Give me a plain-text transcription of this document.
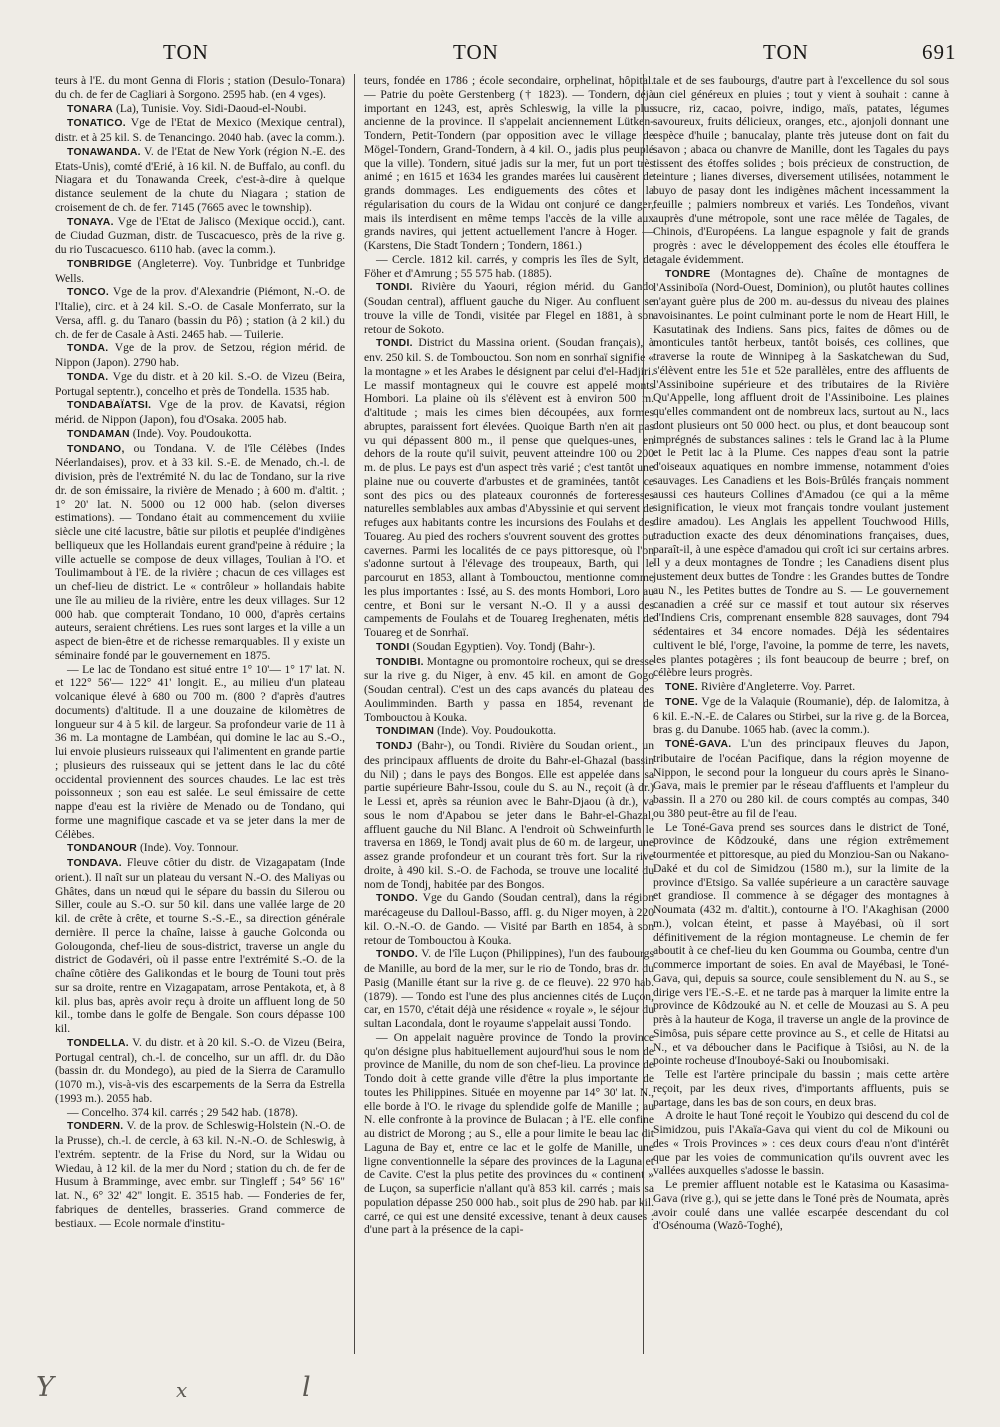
TON	TON	TON	691

teurs à l'E. du mont Genna di Floris ; station (Desulo-Tonara) du ch. de fer de Cagliari à Sorgono. 2595 hab. (en 4 vges).

TONARA (La), Tunisie. Voy. Sidi-Daoud-el-Noubi.

TONATICO. Vge de l'Etat de Mexico (Mexique central), distr. et à 25 kil. S. de Tenancingo. 2040 hab. (avec la comm.).

TONAWANDA. V. de l'Etat de New York (région N.-E. des Etats-Unis), comté d'Erié, à 16 kil. N. de Buffalo, au confl. du Niagara et du Tonawanda Creek, c'est-à-dire à quelque distance seulement de la chute du Niagara ; station de croisement de ch. de fer. 7145 (7665 avec le township).

TONAYA. Vge de l'Etat de Jalisco (Mexique occid.), cant. de Ciudad Guzman, distr. de Tuscacuesco, près de la rive g. du rio Tuscacuesco. 6110 hab. (avec la comm.).

TONBRIDGE (Angleterre). Voy. Tunbridge et Tunbridge Wells.

TONCO. Vge de la prov. d'Alexandrie (Piémont, N.-O. de l'Italie), circ. et à 24 kil. S.-O. de Casale Monferrato, sur la Versa, affl. g. du Tanaro (bassin du Pô) ; station (à 2 kil.) du ch. de fer de Casale à Asti. 2465 hab. — Tuilerie.

TONDA. Vge de la prov. de Setzou, région mérid. de Nippon (Japon). 2790 hab.

TONDA. Vge du distr. et à 20 kil. S.-O. de Vizeu (Beira, Portugal septentr.), concelho et près de Tondella. 1535 hab.

TONDABAÏATSI. Vge de la prov. de Kavatsi, région mérid. de Nippon (Japon), fou d'Osaka. 2005 hab.

TONDAMAN (Inde). Voy. Poudoukotta.

TONDANO, ou Tondana. V. de l'île Célèbes (Indes Néerlandaises), prov. et à 33 kil. S.-E. de Menado, ch.-l. de division, près de l'extrémité N. du lac de Tondano, sur la rive dr. de son émissaire, la rivière de Menado ; à 600 m. d'altit. ; 1° 20' lat. N. 5000 ou 12 000 hab. (selon diverses estimations). — Tondano était au commencement du xviiie siècle une cité lacustre, bâtie sur pilotis et peuplée d'indigènes belliqueux que les Hollandais eurent grand'peine à réduire ; la ville actuelle se compose de deux villages, Toulian à l'O. et Toulimambout à l'E. de la rivière ; chacun de ces villages est un chef-lieu de district. Le « contrôleur » hollandais habite une île au milieu de la rivière, entre les deux villages. Sur 12 000 hab. que compterait Tondano, 10 000, d'après certains auteurs, seraient chrétiens. Les rues sont larges et la ville a un aspect de bien-être et de richesse remarquables. Il y existe un séminaire fondé par le gouvernement en 1875.

— Le lac de Tondano est situé entre 1° 10'— 1° 17' lat. N. et 122° 56'— 122° 41' longit. E., au milieu d'un plateau volcanique élevé à 680 ou 700 m. (800 ? d'après d'autres documents) d'altitude. Il a une douzaine de kilomètres de longueur sur 4 à 5 kil. de largeur. Sa profondeur varie de 11 à 36 m. La montagne de Lambéan, qui domine le lac au S.-O., lui envoie plusieurs ruisseaux qui l'alimentent en grande partie ; plusieurs des ruisseaux qui se jettent dans le lac du côté occidental proviennent des sources chaudes. Le lac est très poissonneux ; son eau est salée. Le seul émissaire de cette nappe d'eau est la rivière de Menado ou de Tondano, qui forme une magnifique cascade et va se jeter dans la mer de Célèbes.

TONDANOUR (Inde). Voy. Tonnour.

TONDAVA. Fleuve côtier du distr. de Vizagapatam (Inde orient.). Il naît sur un plateau du versant N.-O. des Maliyas ou Ghâtes, dans un nœud qui le sépare du bassin du Silerou ou Siller, coule au S.-O. sur 50 kil. dans une vallée large de 20 kil. de crête à crête, et tourne S.-S.-E., sa direction générale dernière. Il perce la chaîne, laisse à gauche Golconda ou Golougonda, chef-lieu de sous-district, traverse un angle du district de Godavéri, où il passe entre l'extrémité S.-O. de la chaîne côtière des Galikondas et le bourg de Touni tout près sur sa droite, rentre en Vizagapatam, arrose Pentakota, et, à 8 kil. plus bas, après avoir reçu à droite un affluent long de 50 kil., tombe dans le golfe de Bengale. Son cours dépasse 100 kil.

TONDELLA. V. du distr. et à 20 kil. S.-O. de Vizeu (Beira, Portugal central), ch.-l. de concelho, sur un affl. dr. du Dão (bassin dr. du Mondego), au pied de la Sierra de Caramullo (1070 m.), vis-à-vis des escarpements de la Serra da Estrella (1993 m.). 2055 hab.

— Concelho. 374 kil. carrés ; 29 542 hab. (1878).

TONDERN. V. de la prov. de Schleswig-Holstein (N.-O. de la Prusse), ch.-l. de cercle, à 63 kil. N.-N.-O. de Schleswig, à l'extrém. septentr. de la Frise du Nord, sur la Widau ou Wiedau, à 12 kil. de la mer du Nord ; station du ch. de fer de Husum à Bramminge, avec embr. sur Tingleff ; 54° 56' 16" lat. N., 6° 32' 42" longit. E. 3515 hab. — Fonderies de fer, fabriques de dentelles, brasseries. Grand commerce de bestiaux. — Ecole normale d'institu-

teurs, fondée en 1786 ; école secondaire, orphelinat, hôpital. — Patrie du poète Gerstenberg († 1823). — Tondern, déjà important en 1243, est, après Schleswig, la ville la plus ancienne de la province. Il s'appelait anciennement Lütken-Tondern, Petit-Tondern (par opposition avec le village de Mögel-Tondern, Grand-Tondern, à 4 kil. O., jadis plus peuplé que la ville). Tondern, situé jadis sur la mer, fut un port très animé ; en 1615 et 1634 les grandes marées lui causèrent de grands dommages. Les endiguements des côtes et la régularisation du cours de la Widau ont conjuré ce danger, mais ils interdisent en même temps l'accès de la ville aux grands navires, qui jettent actuellement l'ancre à Hoger. — (Karstens, Die Stadt Tondern ; Tondern, 1861.)

— Cercle. 1812 kil. carrés, y compris les îles de Sylt, de Föher et d'Amrung ; 55 575 hab. (1885).

TONDI. Rivière du Yaouri, région mérid. du Gando (Soudan central), affluent gauche du Niger. Au confluent se trouve la ville de Tondi, visitée par Flegel en 1881, à son retour de Sokoto.

TONDI. District du Massina orient. (Soudan français), à env. 250 kil. S. de Tombouctou. Son nom en sonrhaï signifie « la montagne » et les Arabes le désignent par celui d'el-Hadjiri. Le massif montagneux qui le couvre est appelé monts Hombori. La plaine où ils s'élèvent est à environ 500 m. d'altitude ; mais les cimes bien découpées, aux formes abruptes, paraissent fort élevées. Quoique Barth n'en ait pas vu qui dépassent 800 m., il pense que quelques-unes, en dehors de la route qu'il suivit, peuvent atteindre 100 ou 200 m. de plus. Le pays est d'un aspect très varié ; c'est tantôt une plaine nue ou couverte d'arbustes et de graminées, tantôt ce sont des pics ou des plateaux couronnés de forteresses naturelles semblables aux ambas d'Abyssinie et qui servent de refuges aux habitants contre les incursions des Foulahs et des Touareg. Au pied des rochers s'ouvrent souvent des grottes ou cavernes. Parmi les localités de ce pays pittoresque, où l'on s'adonne surtout à l'élevage des troupeaux, Barth, qui le parcourut en 1853, allant à Tombouctou, mentionne comme les plus importantes : Issé, au S. des monts Hombori, Loro au centre, et Boni sur le versant N.-O. Il y a aussi des campements de Foulahs et de Touareg Ireghenaten, métis de Touareg et de Sonrhaï.

TONDI (Soudan Egyptien). Voy. Tondj (Bahr-).

TONDIBI. Montagne ou promontoire rocheux, qui se dresse sur la rive g. du Niger, à env. 45 kil. en amont de Gogo (Soudan central). C'est un des caps avancés du plateau des Aoulimminden. Barth y passa en 1854, revenant de Tombouctou à Kouka.

TONDIMAN (Inde). Voy. Poudoukotta.

TONDJ (Bahr-), ou Tondi. Rivière du Soudan orient., un des principaux affluents de droite du Bahr-el-Ghazal (bassin du Nil) ; dans le pays des Bongos. Elle est appelée dans sa partie supérieure Bahr-Issou, coule du S. au N., reçoit (à dr.) le Lessi et, après sa réunion avec le Bahr-Djaou (à dr.), va sous le nom d'Apabou se jeter dans le Bahr-el-Ghazal, affluent gauche du Nil Blanc. A l'endroit où Schweinfurth le traversa en 1869, le Tondj avait plus de 60 m. de largeur, une assez grande profondeur et un courant très fort. Sur la rive droite, à 490 kil. S.-O. de Fachoda, se trouve une localité du nom de Tondj, habitée par des Bongos.

TONDO. Vge du Gando (Soudan central), dans la région marécageuse du Dalloul-Basso, affl. g. du Niger moyen, à 220 kil. O.-N.-O. de Gando. — Visité par Barth en 1854, à son retour de Tombouctou à Kouka.

TONDO. V. de l'île Luçon (Philippines), l'un des faubourgs de Manille, au bord de la mer, sur le rio de Tondo, bras dr. du Pasig (Manille étant sur la rive g. de ce fleuve). 22 970 hab. (1879). — Tondo est l'une des plus anciennes cités de Luçon, car, en 1570, c'était déjà une résidence « royale », le séjour du sultan Lacondala, dont le royaume s'appelait aussi Tondo.

— On appelait naguère province de Tondo la province qu'on désigne plus habituellement aujourd'hui sous le nom de province de Manille, du nom de son chef-lieu. La province de Tondo doit à cette grande ville d'être la plus importante de toutes les Philippines. Située en moyenne par 14° 30' lat. N., elle borde à l'O. le rivage du splendide golfe de Manille ; au N. elle confronte à la province de Bulacan ; à l'E. elle confine au district de Morong ; au S., elle a pour limite le beau lac dit Laguna de Bay et, entre ce lac et le golfe de Manille, une ligne conventionnelle la sépare des provinces de la Laguna et de Cavite. C'est la plus petite des provinces du « continent » de Luçon, sa superficie n'allant qu'à 853 kil. carrés ; mais sa population dépasse 250 000 hab., soit plus de 290 hab. par kil. carré, ce qui est une densité excessive, tenant à deux causes : d'une part à la présence de la capi-

tale et de ses faubourgs, d'autre part à l'excellence du sol sous un ciel généreux en pluies ; tout y vient à souhait : canne à sucre, riz, cacao, poivre, indigo, maïs, patates, légumes savoureux, fruits délicieux, oranges, etc., ajonjoli donnant une espèce d'huile ; banucalay, plante très juteuse dont on fait du savon ; abaca ou chanvre de Manille, dont les Tagales du pays tissent des étoffes solides ; bois précieux de construction, de teinture ; lianes diverses, diversement utilisées, notamment le buyo de pasay dont les indigènes mâchent incessamment la feuille ; palmiers nombreux et variés. Les Tondeños, vivant auprès d'une métropole, sont une race mêlée de Tagales, de Chinois, d'Européens. La langue espagnole y fait de grands progrès : avec le développement des écoles elle étouffera le tagale évidemment.

TONDRE (Montagnes de). Chaîne de montagnes de l'Assiniboïa (Nord-Ouest, Dominion), ou plutôt hautes collines n'ayant guère plus de 200 m. au-dessus du niveau des plaines avoisinantes. Le point culminant porte le nom de Heart Hill, le Kasutatinak des Indiens. Sans pics, faites de dômes ou de monticules tantôt herbeux, tantôt boisés, ces collines, que traverse la route de Winnipeg à la Saskatchewan du Sud, s'élèvent entre les 51e et 52e parallèles, entre des affluents de l'Assiniboine supérieure et des tributaires de la Rivière Qu'Appelle, long affluent droit de l'Assiniboine. Les plaines qu'elles commandent ont de nombreux lacs, surtout au N., lacs dont plusieurs ont 50 000 hect. ou plus, et dont beaucoup sont imprégnés de substances salines : tels le Grand lac à la Plume et le Petit lac à la Plume. Ces nappes d'eau sont la patrie d'oiseaux aquatiques en nombre immense, notamment d'oies sauvages. Les Canadiens et les Bois-Brûlés français nomment aussi ces hauteurs Collines d'Amadou (ce qui a la même signification, le vieux mot français tondre voulant justement dire amadou). Les Anglais les appellent Touchwood Hills, traduction exacte des deux dénominations françaises, dues, paraît-il, à une espèce d'amadou qui croît ici sur certains arbres. Il y a deux montagnes de Tondre ; les Canadiens disent plus justement deux buttes de Tondre : les Grandes buttes de Tondre au N., les Petites buttes de Tondre au S. — Le gouvernement canadien a créé sur ce massif et tout autour six réserves d'Indiens Cris, comprenant ensemble 828 sauvages, dont 794 sédentaires et 34 encore nomades. Déjà les sédentaires cultivent le blé, l'orge, l'avoine, la pomme de terre, les navets, les plantes potagères ; ils font beaucoup de beurre ; bref, on célèbre leurs progrès.

TONE. Rivière d'Angleterre. Voy. Parret.

TONE. Vge de la Valaquie (Roumanie), dép. de Ialomitza, à 6 kil. E.-N.-E. de Calares ou Stirbei, sur la rive g. de la Borcea, bras g. du Danube. 1065 hab. (avec la comm.).

TONÉ-GAVA. L'un des principaux fleuves du Japon, tributaire de l'océan Pacifique, dans la région moyenne de Nippon, le second pour la longueur du cours après le Sinano-Gava, mais le premier par le réseau d'affluents et l'ampleur du bassin. Il a 270 ou 280 kil. de cours comptés au compas, 340 ou 380 peut-être au fil de l'eau.

Le Toné-Gava prend ses sources dans le district de Toné, province de Kôdzouké, dans une région extrêmement tourmentée et pittoresque, au pied du Monziou-San ou Nakano-Daké et du col de Simidzou (1580 m.), sur la limite de la province d'Etsigo. Sa vallée supérieure a un caractère sauvage et grandiose. Il commence à se dégager des montagnes à Noumata (432 m. d'altit.), contourne à l'O. l'Akaghisan (2000 m.), volcan éteint, et passe à Mayébasi, où il sort définitivement de la région montagneuse. Le chemin de fer aboutit à ce chef-lieu du ken Goumma ou Goumba, centre d'un commerce important de soies. En aval de Mayébasi, le Toné-Gava, qui, depuis sa source, coule sensiblement du N. au S., se dirige vers l'E.-S.-E. et ne tarde pas à marquer la limite entre la province de Kôdzouké au N. et celle de Mouzasi au S. A peu près à la hauteur de Koga, il traverse un angle de la province de Simôsa, puis sépare cette province au S., et celle de Hitatsi au N., et va déboucher dans le Pacifique à Tsiôsi, au N. de la pointe rocheuse d'Inouboyé-Saki ou Inoubomisaki.

Telle est l'artère principale du bassin ; mais cette artère reçoit, par les deux rives, d'importants affluents, puis se partage, dans les bas de son cours, en deux bras.

A droite le haut Toné reçoit le Youbizo qui descend du col de Simidzou, puis l'Akaïa-Gava qui vient du col de Mikouni ou des « Trois Provinces » : ces deux cours d'eau n'ont d'intérêt que par les voies de communication qu'ils ouvrent avec les vallées auxquelles s'adosse le bassin.

Le premier affluent notable est le Katasima ou Kasasima-Gava (rive g.), qui se jette dans le Toné près de Noumata, après avoir coulé dans une vallée escarpée descendant du col d'Osénouma (Wazô-Toghé),

Y	x	l
